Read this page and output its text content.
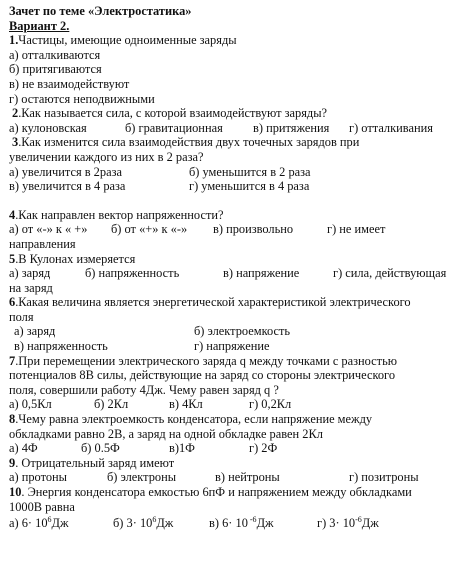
Зачет по теме «Электростатика»
Вариант 2.
1.Частицы, имеющие одноименные заряды
а) отталкиваются
б) притягиваются
в) не взаимодействуют
г) остаются неподвижными
2.Как называется сила, с которой взаимодействуют заряды?
а) кулоновская	б) гравитационная	в) притяжения	г) отталкивания
3.Как изменится сила взаимодействия двух точечных зарядов при
увеличении каждого из них в 2 раза?
а) увеличится в 2раза	б) уменьшится в 2 раза
в) увеличится в 4 раза	г) уменьшится в 4 раза
4.Как направлен вектор напряженности?
а) от «-» к « +»	б) от «+» к «-»	в) произвольно	г) не имеет
направления
5.В Кулонах измеряется
а) заряд	б) напряженность	в) напряжение	г) сила, действующая
на заряд
6.Какая величина является энергетической характеристикой электрического
поля
а) заряд	б) электроемкость
в) напряженность	г) напряжение
7.При перемещении электрического заряда q между точками с разностью
потенциалов 8В силы, действующие на заряд со стороны электрического
поля, совершили работу 4Дж. Чему равен заряд q ?
а) 0,5Кл	б) 2Кл	в) 4Кл	г) 0,2Кл
8.Чему равна электроемкость конденсатора, если напряжение между
обкладками равно 2В, а заряд на одной обкладке равен 2Кл
а) 4Ф	б) 0.5Ф	в)1Ф	г) 2Ф
9. Отрицательный заряд имеют
а) протоны	б) электроны	в) нейтроны	г) позитроны
10. Энергия конденсатора емкостью 6пФ и напряжением между обкладками
1000В равна
а) $6\cdot 10^6Дж$	б) $3\cdot 10^6Дж$	в) 6· 10 $^{-6}$Дж	г) $3\cdot 10^{-6}Дж$
